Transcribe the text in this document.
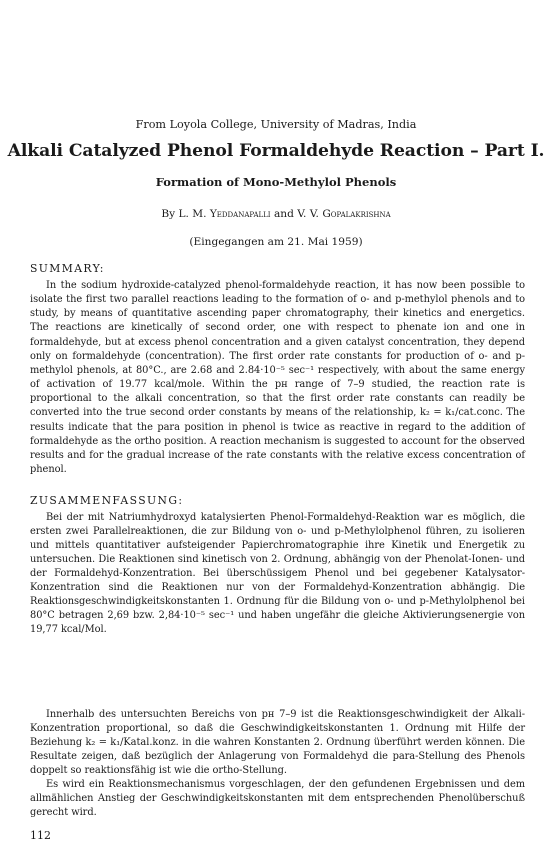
From Loyola College, University of Madras, India
Alkali Catalyzed Phenol Formaldehyde Reaction – Part I.
Formation of Mono-Methylol Phenols
By L. M. Yeddanapalli and V. V. Gopalakrishna
(Eingegangen am 21. Mai 1959)
SUMMARY:

In the sodium hydroxide-catalyzed phenol-formaldehyde reaction, it has now been possible to isolate the first two parallel reactions leading to the formation of o- and p-methylol phenols and to study, by means of quantitative ascending paper chromatography, their kinetics and energetics. The reactions are kinetically of second order, one with respect to phenate ion and one in formaldehyde, but at excess phenol concentration and a given catalyst concentration, they depend only on formaldehyde (concentration). The first order rate constants for production of o- and p-methylol phenols, at 80°C., are 2.68 and 2.84·10⁻⁵ sec⁻¹ respectively, with about the same energy of activation of 19.77 kcal/mole. Within the pʜ range of 7–9 studied, the reaction rate is proportional to the alkali concentration, so that the first order rate constants can readily be converted into the true second order constants by means of the relationship, k₂ = k₁/cat.conc. The results indicate that the para position in phenol is twice as reactive in regard to the addition of formaldehyde as the ortho position. A reaction mechanism is suggested to account for the observed results and for the gradual increase of the rate constants with the relative excess concentration of phenol.

ZUSAMMENFASSUNG:

Bei der mit Natriumhydroxyd katalysierten Phenol-Formaldehyd-Reaktion war es möglich, die ersten zwei Parallelreaktionen, die zur Bildung von o- und p-Methylolphenol führen, zu isolieren und mittels quantitativer aufsteigender Papierchromatographie ihre Kinetik und Energetik zu untersuchen. Die Reaktionen sind kinetisch von 2. Ordnung, abhängig von der Phenolat-Ionen- und der Formaldehyd-Konzentration. Bei überschüssigem Phenol und bei gegebener Katalysator-Konzentration sind die Reaktionen nur von der Formaldehyd-Konzentration abhängig. Die Reaktionsgeschwindigkeitskonstanten 1. Ordnung für die Bildung von o- und p-Methylolphenol bei 80°C betragen 2,69 bzw. 2,84·10⁻⁵ sec⁻¹ und haben ungefähr die gleiche Aktivierungsenergie von 19,77 kcal/Mol.

Innerhalb des untersuchten Bereichs von pʜ 7–9 ist die Reaktionsgeschwindigkeit der Alkali-Konzentration proportional, so daß die Geschwindigkeitskonstanten 1. Ordnung mit Hilfe der Beziehung k₂ = k₁/Katal.konz. in die wahren Konstanten 2. Ordnung überführt werden können. Die Resultate zeigen, daß bezüglich der Anlagerung von Formaldehyd die para-Stellung des Phenols doppelt so reaktionsfähig ist wie die ortho-Stellung.

Es wird ein Reaktionsmechanismus vorgeschlagen, der den gefundenen Ergebnissen und dem allmählichen Anstieg der Geschwindigkeitskonstanten mit dem entsprechenden Phenolüberschuß gerecht wird.

112
